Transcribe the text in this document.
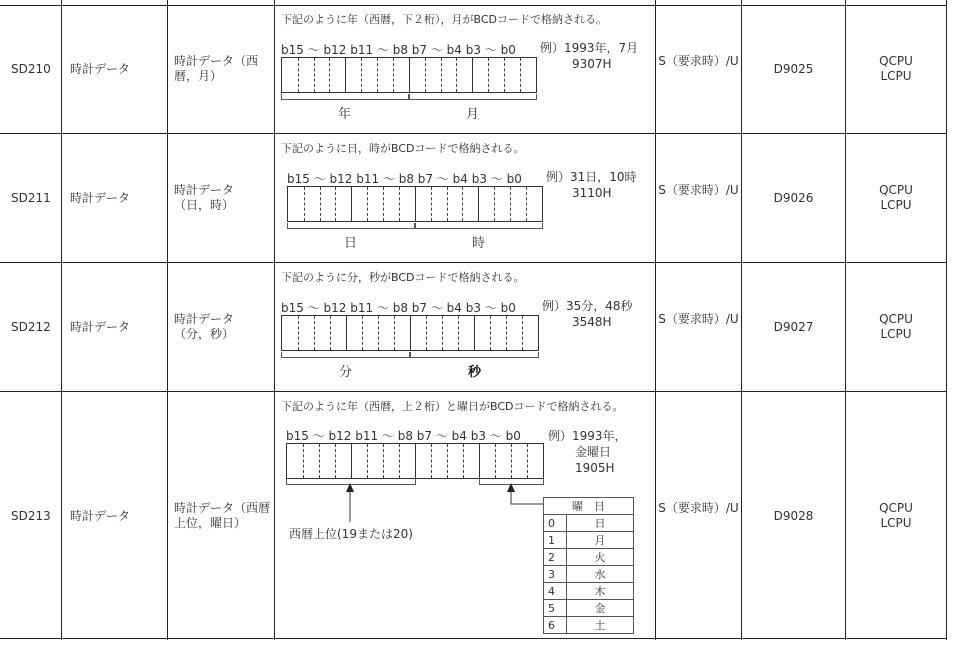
SD210 時計データ
時計データ（西暦，月）
下記のように年（西暦，下２桁），月がBCDコードで格納される。
b15 ～ b12 b11 ～ b8 b7 ～ b4 b3 ～ b0 例）1993年，7月
9307H
年	月
S（要求時）/U
D9025
QCPU
LCPU
SD211 時計データ
時計データ（日，時）
下記のように日，時がBCDコードで格納される。
b15 ～ b12 b11 ～ b8 b7 ～ b4 b3 ～ b0 例）31日，10時
3110H
日	時
S（要求時）/U
D9026
QCPU
LCPU
SD212 時計データ
時計データ（分，秒）
下記のように分，秒がBCDコードで格納される。
b15 ～ b12 b11 ～ b8 b7 ～ b4 b3 ～ b0 例）35分，48秒
3548H
分	秒
S（要求時）/U
D9027
QCPU
LCPU
SD213 時計データ
時計データ（西暦上位，曜日）
下記のように年（西暦，上２桁）と曜日がBCDコードで格納される。
b15 ～ b12 b11 ～ b8 b7 ～ b4 b3 ～ b0 例）1993年，
金曜日
1905H
西暦上位(19または20)
曜　日	
0	日
1	月
2	火
3	水
4	木
5	金
6	土
S（要求時）/U
D9028
QCPU
LCPU
